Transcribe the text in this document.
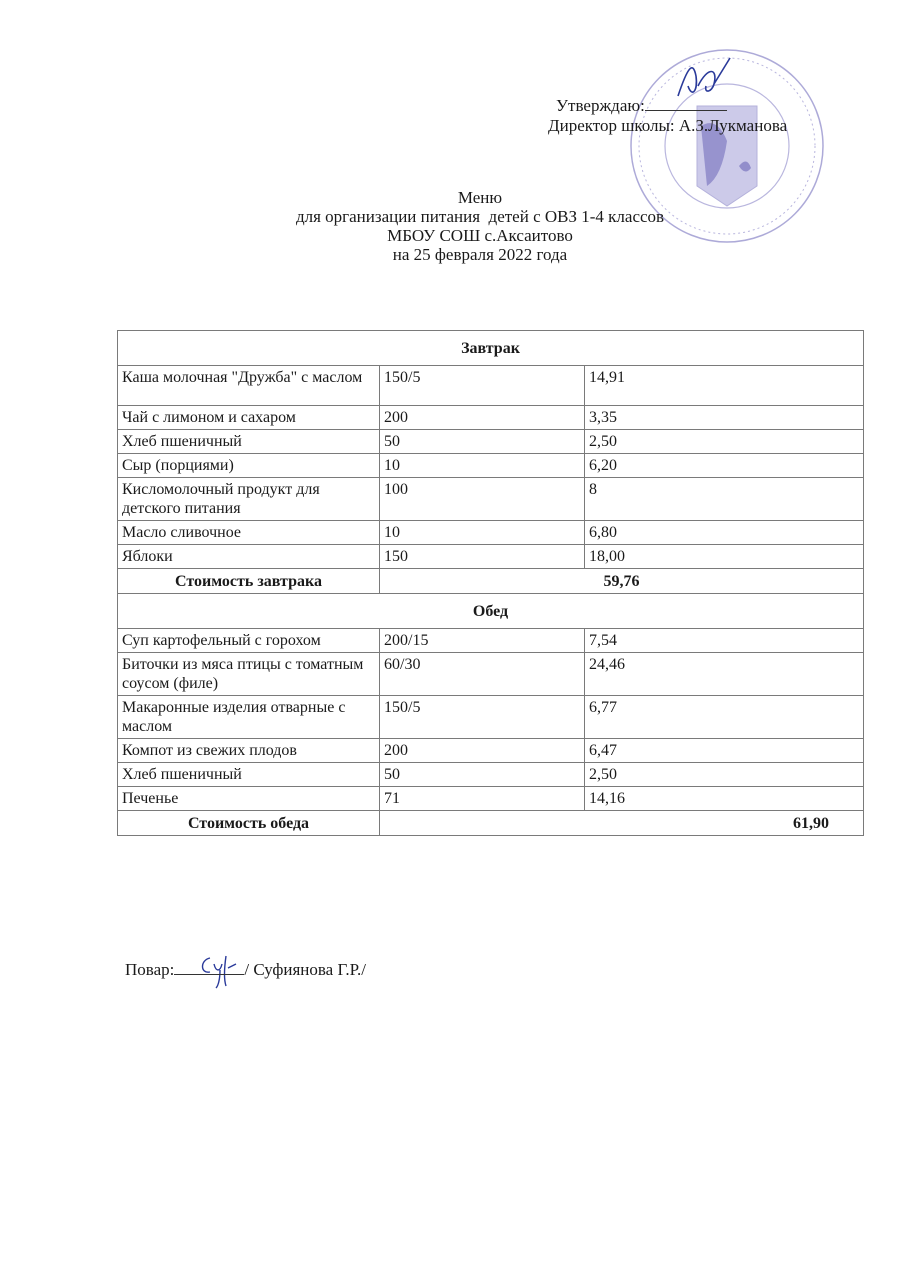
Утверждаю:
Директор школы: А.З.Лукманова
Меню
для организации питания  детей с ОВЗ 1-4 классов
МБОУ СОШ с.Аксаитово
на 25 февраля 2022 года
Завтрак		
Каша молочная "Дружба" с маслом	150/5	14,91
Чай с лимоном и сахаром	200	3,35
Хлеб пшеничный	50	2,50
Сыр (порциями)	10	6,20
Кисломолочный продукт для детского питания	100	8
Масло сливочное	10	6,80
Яблоки	150	18,00
Стоимость завтрака	59,76	
Обед		
Суп картофельный с горохом	200/15	7,54
Биточки из мяса птицы с томатным соусом (филе)	60/30	24,46
Макаронные изделия отварные с маслом	150/5	6,77
Компот из свежих плодов	200	6,47
Хлеб пшеничный	50	2,50
Печенье	71	14,16
Стоимость обеда	61,90	
Повар:	/ Суфиянова Г.Р./
